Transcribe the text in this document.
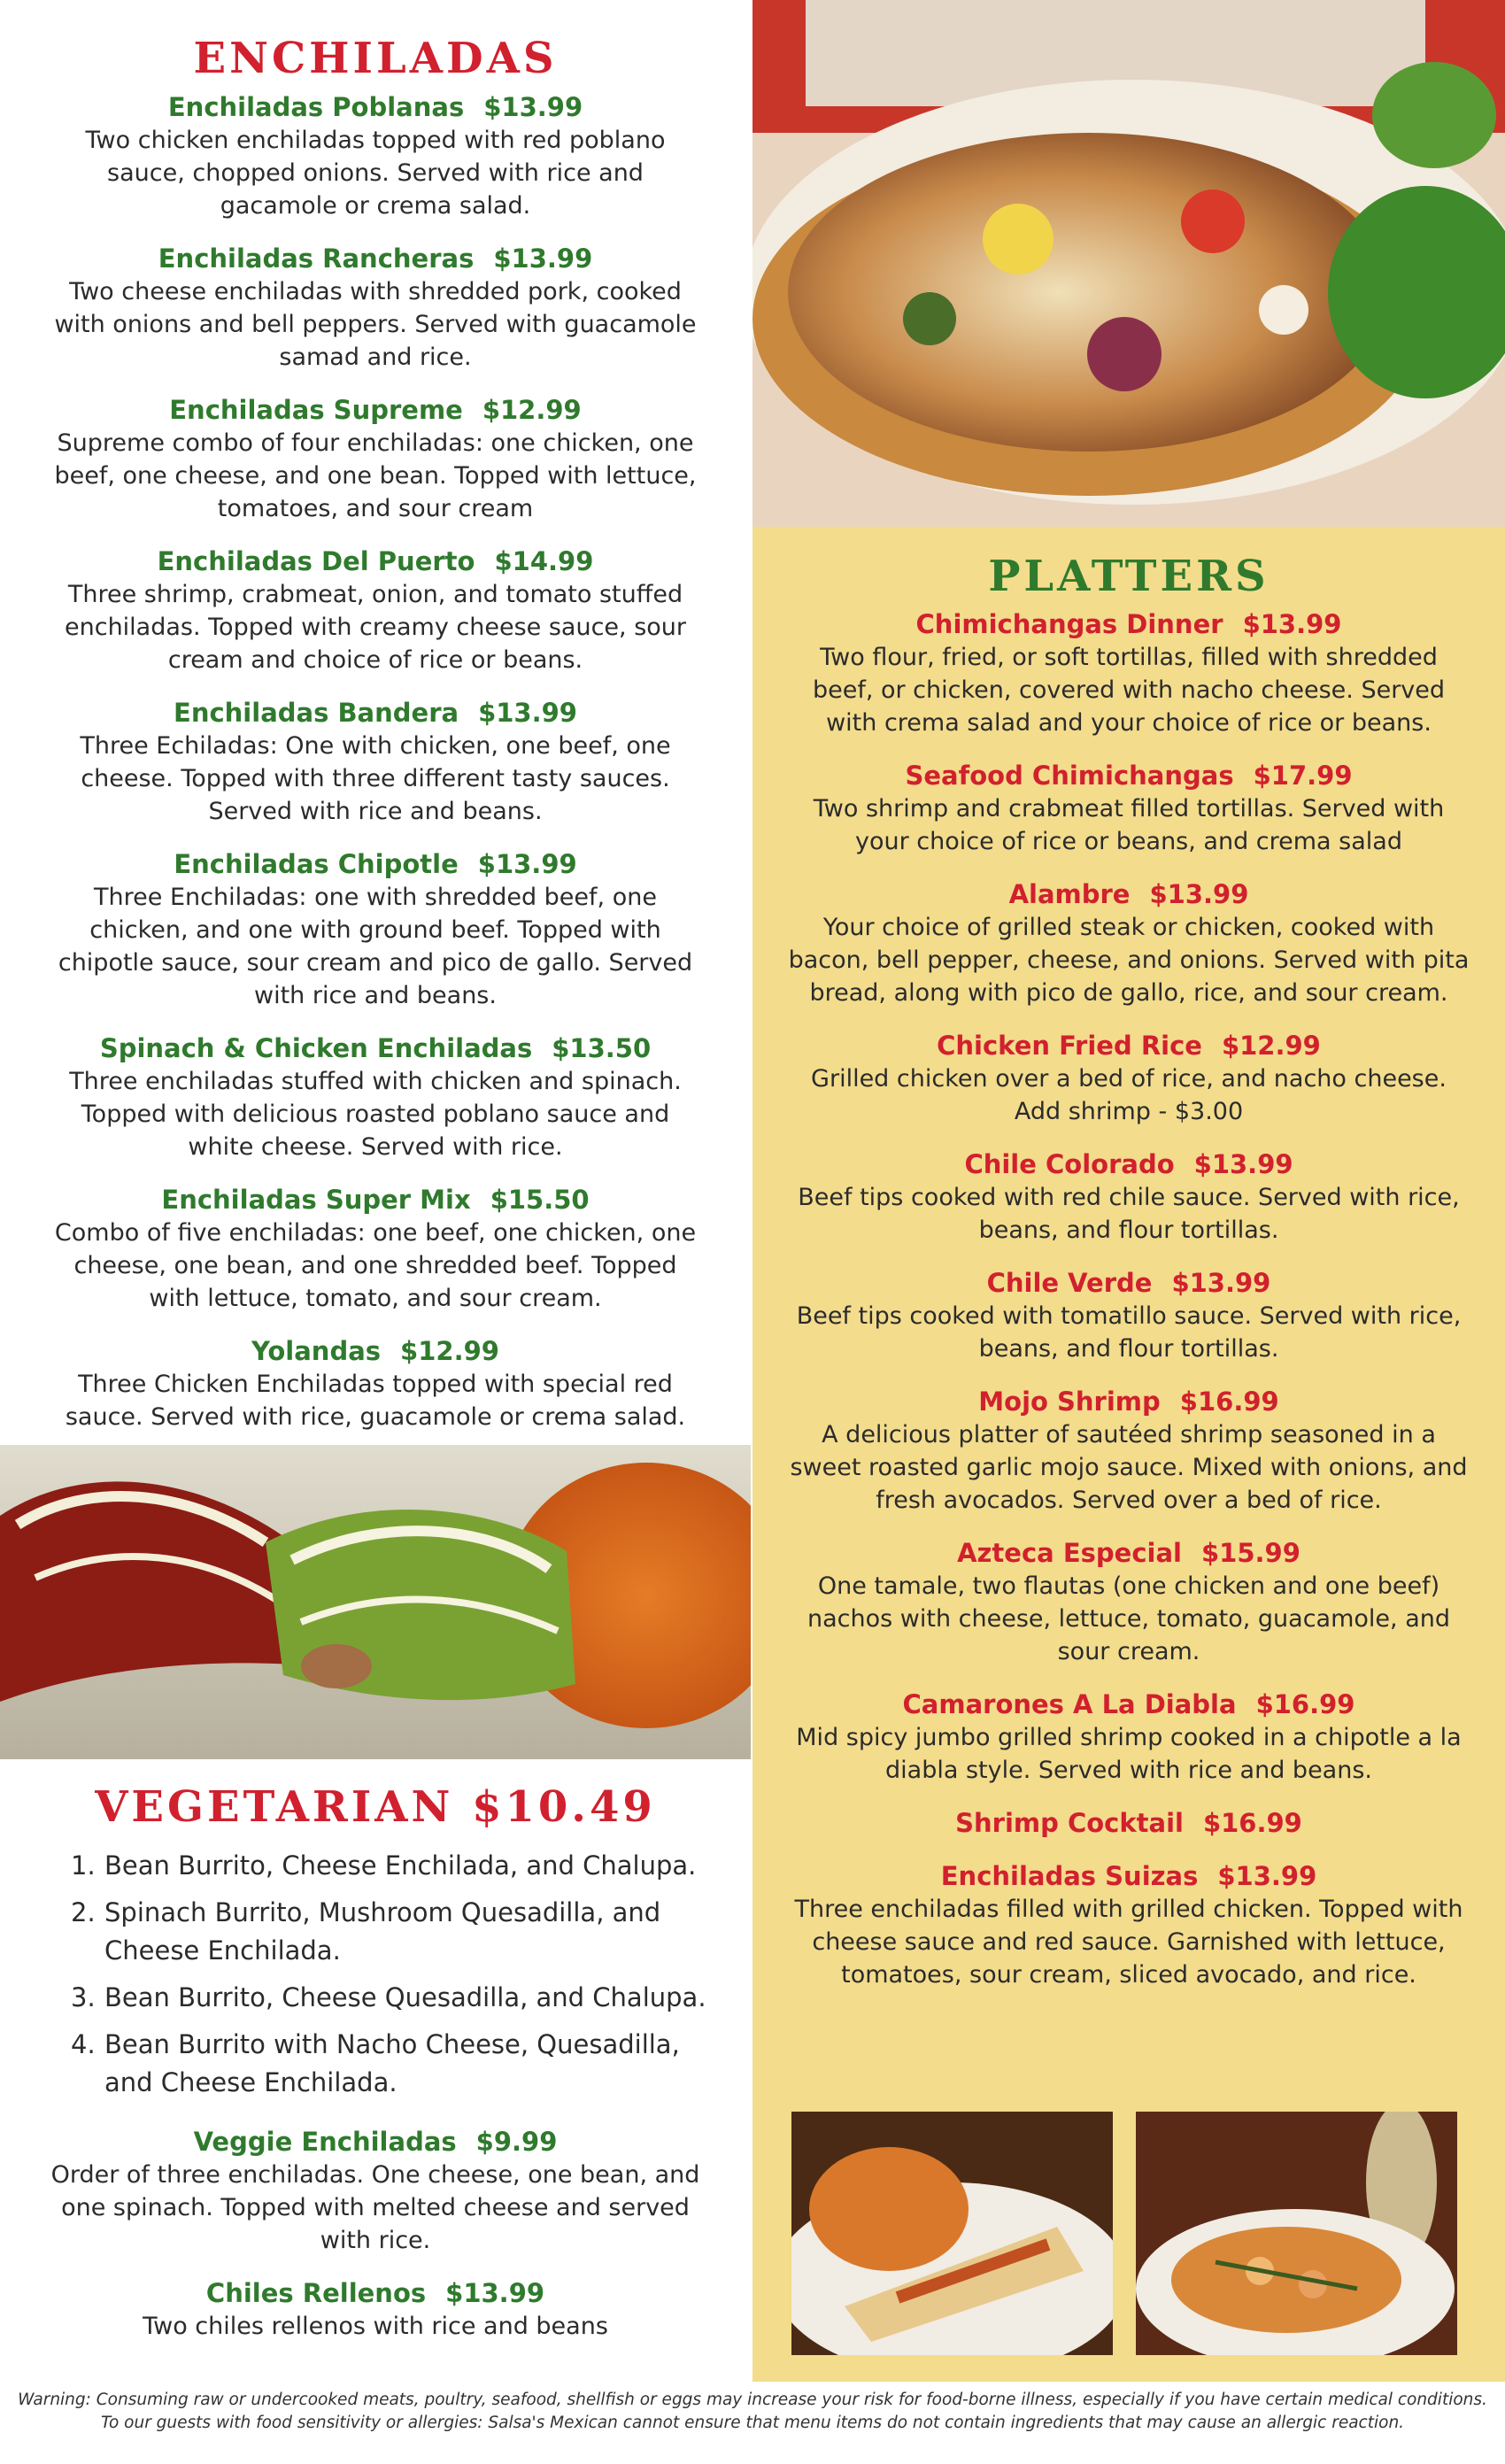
ENCHILADAS
Enchiladas Poblanas $13.99
Two chicken enchiladas topped with red poblano sauce, chopped onions. Served with rice and gacamole or crema salad.
Enchiladas Rancheras $13.99
Two cheese enchiladas with shredded pork, cooked with onions and bell peppers. Served with guacamole samad and rice.
Enchiladas Supreme $12.99
Supreme combo of four enchiladas: one chicken, one beef, one cheese, and one bean. Topped with lettuce, tomatoes, and sour cream
Enchiladas Del Puerto $14.99
Three shrimp, crabmeat, onion, and tomato stuffed enchiladas. Topped with creamy cheese sauce, sour cream and choice of rice or beans.
Enchiladas Bandera $13.99
Three Echiladas: One with chicken, one beef, one cheese. Topped with three different tasty sauces. Served with rice and beans.
Enchiladas Chipotle $13.99
Three Enchiladas: one with shredded beef, one chicken, and one with ground beef. Topped with chipotle sauce, sour cream and pico de gallo. Served with rice and beans.
Spinach & Chicken Enchiladas $13.50
Three enchiladas stuffed with chicken and spinach. Topped with delicious roasted poblano sauce and white cheese. Served with rice.
Enchiladas Super Mix $15.50
Combo of five enchiladas: one beef, one chicken, one cheese, one bean, and one shredded beef. Topped with lettuce, tomato, and sour cream.
Yolandas $12.99
Three Chicken Enchiladas topped with special red sauce. Served with rice, guacamole or crema salad.
VEGETARIAN $10.49
1. Bean Burrito, Cheese Enchilada, and Chalupa.
2. Spinach Burrito, Mushroom Quesadilla, and Cheese Enchilada.
3. Bean Burrito, Cheese Quesadilla, and Chalupa.
4. Bean Burrito with Nacho Cheese, Quesadilla, and Cheese Enchilada.
Veggie Enchiladas $9.99
Order of three enchiladas. One cheese, one bean, and one spinach. Topped with melted cheese and served with rice.
Chiles Rellenos $13.99
Two chiles rellenos with rice and beans
PLATTERS
Chimichangas Dinner $13.99
Two flour, fried, or soft tortillas, filled with shredded beef, or chicken, covered with nacho cheese. Served with crema salad and your choice of rice or beans.
Seafood Chimichangas $17.99
Two shrimp and crabmeat filled tortillas. Served with your choice of rice or beans, and crema salad
Alambre $13.99
Your choice of grilled steak or chicken, cooked with bacon, bell pepper, cheese, and onions. Served with pita bread, along with pico de gallo, rice, and sour cream.
Chicken Fried Rice $12.99
Grilled chicken over a bed of rice, and nacho cheese. Add shrimp - $3.00
Chile Colorado $13.99
Beef tips cooked with red chile sauce. Served with rice, beans, and flour tortillas.
Chile Verde $13.99
Beef tips cooked with tomatillo sauce. Served with rice, beans, and flour tortillas.
Mojo Shrimp $16.99
A delicious platter of sautéed shrimp seasoned in a sweet roasted garlic mojo sauce. Mixed with onions, and fresh avocados. Served over a bed of rice.
Azteca Especial $15.99
One tamale, two flautas (one chicken and one beef) nachos with cheese, lettuce, tomato, guacamole, and sour cream.
Camarones A La Diabla $16.99
Mid spicy jumbo grilled shrimp cooked in a chipotle a la diabla style. Served with rice and beans.
Shrimp Cocktail $16.99
Enchiladas Suizas $13.99
Three enchiladas filled with grilled chicken. Topped with cheese sauce and red sauce. Garnished with lettuce, tomatoes, sour cream, sliced avocado, and rice.
Warning: Consuming raw or undercooked meats, poultry, seafood, shellfish or eggs may increase your risk for food-borne illness, especially if you have certain medical conditions.
To our guests with food sensitivity or allergies: Salsa's Mexican cannot ensure that menu items do not contain ingredients that may cause an allergic reaction.
